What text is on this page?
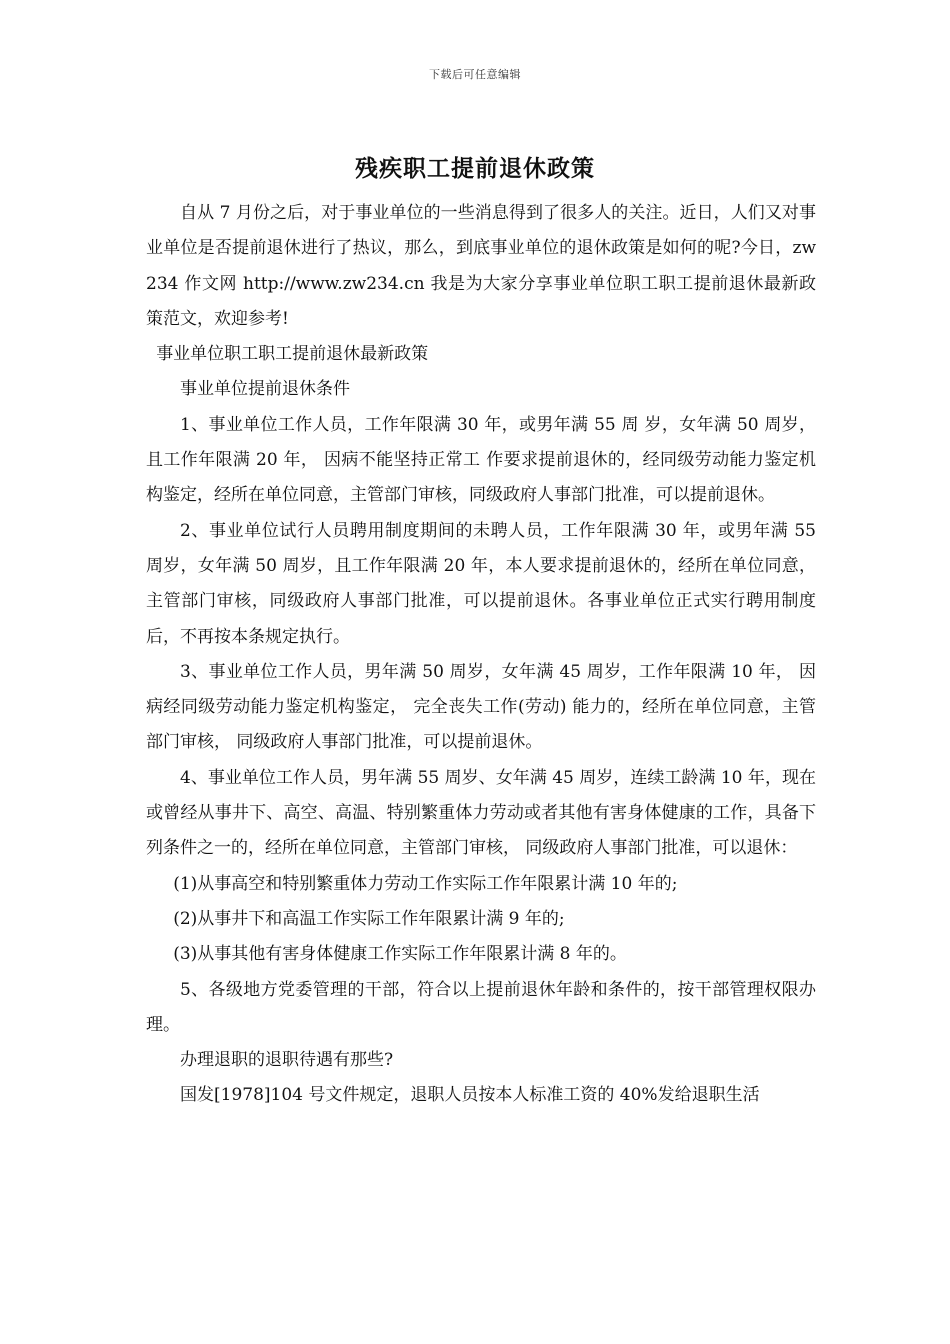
下载后可任意编辑
残疾职工提前退休政策

自从 7 月份之后，对于事业单位的一些消息得到了很多人的关注。近日，人们又对事业单位是否提前退休进行了热议，那么，到底事业单位的退休政策是如何的呢?今日，zw234 作文网 http://www.zw234.cn 我是为大家分享事业单位职工职工提前退休最新政策范文，欢迎参考!

事业单位职工职工提前退休最新政策

事业单位提前退休条件

1、事业单位工作人员，工作年限满 30 年，或男年满 55 周 岁，女年满 50 周岁，且工作年限满 20 年， 因病不能坚持正常工 作要求提前退休的，经同级劳动能力鉴定机构鉴定，经所在单位同意，主管部门审核，同级政府人事部门批准，可以提前退休。

2、事业单位试行人员聘用制度期间的未聘人员，工作年限满 30 年，或男年满 55 周岁，女年满 50 周岁，且工作年限满 20 年，本人要求提前退休的，经所在单位同意，主管部门审核，同级政府人事部门批准，可以提前退休。各事业单位正式实行聘用制度后，不再按本条规定执行。

3、事业单位工作人员，男年满 50 周岁，女年满 45 周岁，工作年限满 10 年， 因病经同级劳动能力鉴定机构鉴定， 完全丧失工作(劳动) 能力的，经所在单位同意，主管部门审核， 同级政府人事部门批准，可以提前退休。

4、事业单位工作人员，男年满 55 周岁、女年满 45 周岁，连续工龄满 10 年，现在或曾经从事井下、高空、高温、特别繁重体力劳动或者其他有害身体健康的工作，具备下列条件之一的，经所在单位同意，主管部门审核， 同级政府人事部门批准，可以退休：

(1)从事高空和特别繁重体力劳动工作实际工作年限累计满 10 年的;

(2)从事井下和高温工作实际工作年限累计满 9 年的;

(3)从事其他有害身体健康工作实际工作年限累计满 8 年的。

5、各级地方党委管理的干部，符合以上提前退休年龄和条件的，按干部管理权限办理。

办理退职的退职待遇有那些?

国发[1978]104 号文件规定，退职人员按本人标准工资的 40%发给退职生活
